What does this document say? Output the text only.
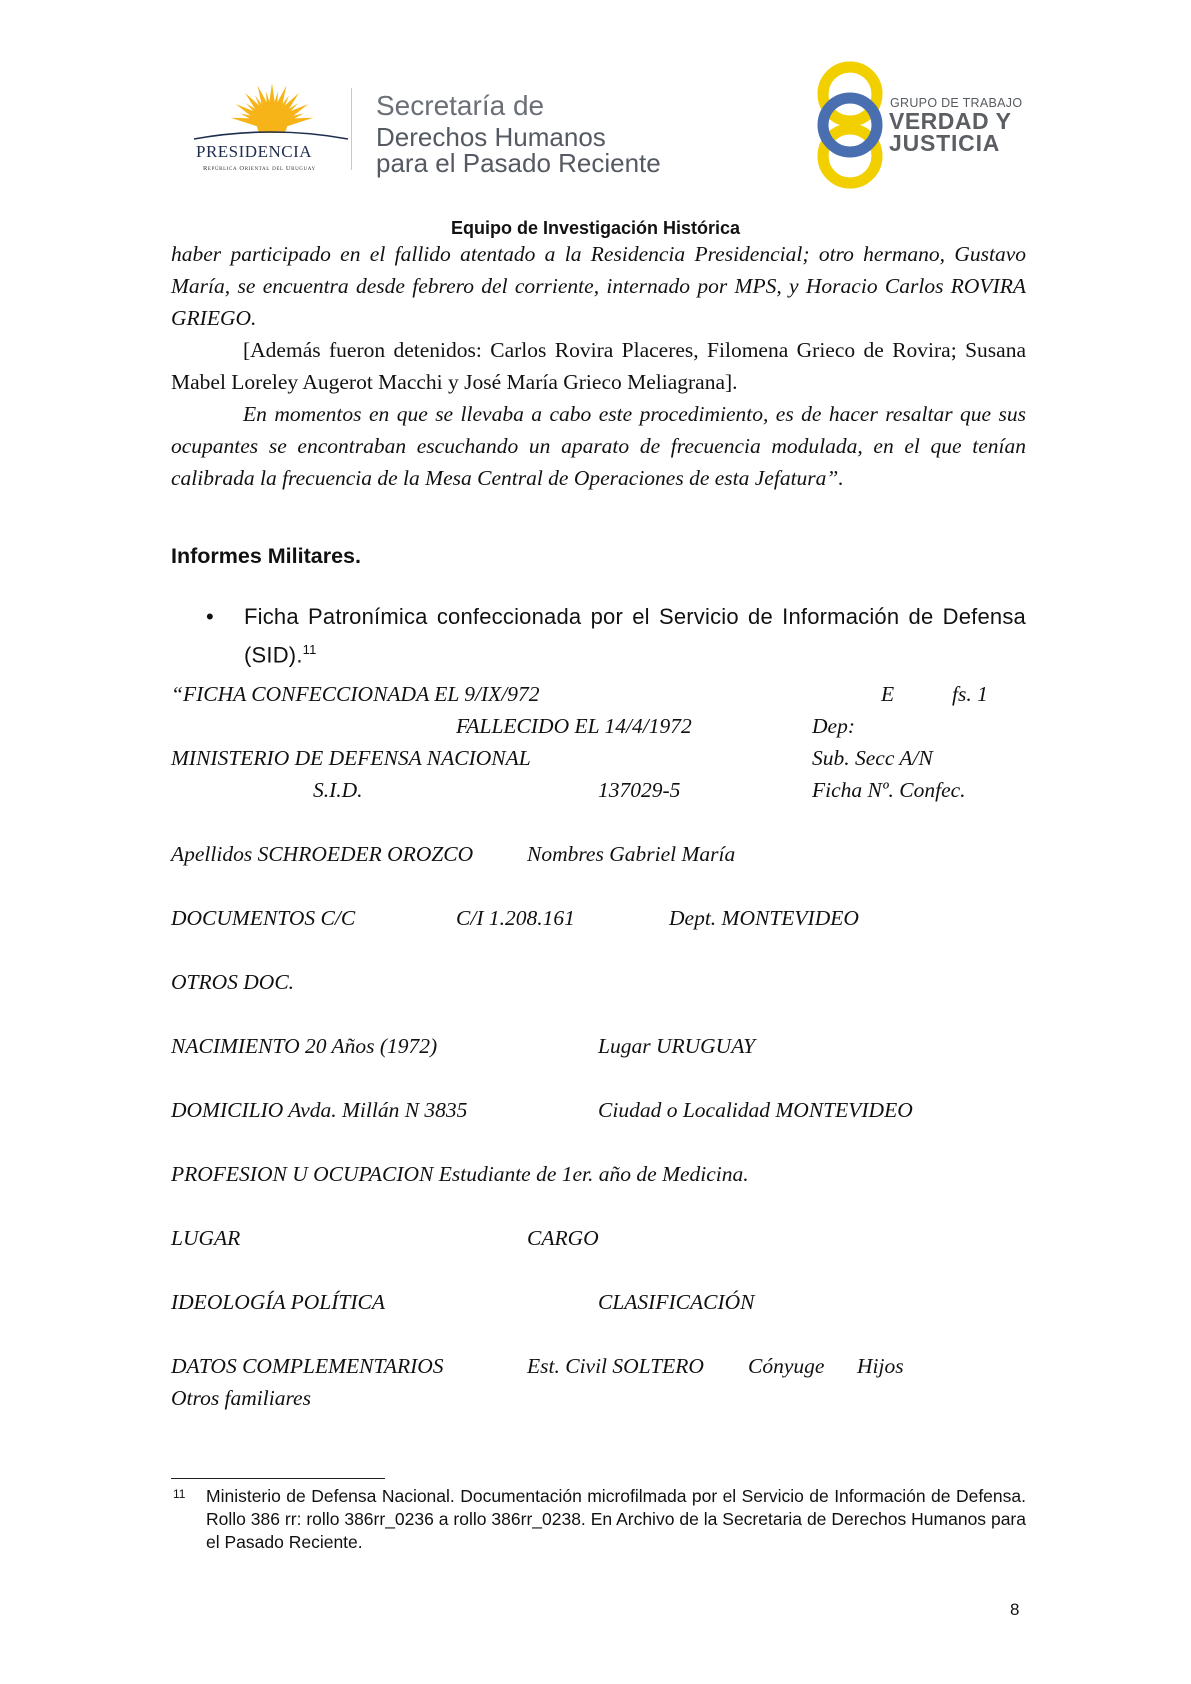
PRESIDENCIA
República Oriental del Uruguay
Secretaría de
Derechos Humanos
para el Pasado Reciente
GRUPO DE TRABAJO
VERDAD Y
JUSTICIA
Equipo de Investigación Histórica
haber participado en el fallido atentado a la Residencia Presidencial; otro hermano, Gustavo María, se encuentra desde febrero del corriente, internado por MPS, y Horacio Carlos ROVIRA GRIEGO.
[Además fueron detenidos: Carlos Rovira Placeres, Filomena Grieco de Rovira; Susana Mabel Loreley Augerot Macchi y José María Grieco Meliagrana].
En momentos en que se llevaba a cabo este procedimiento, es de hacer resaltar que sus ocupantes se encontraban escuchando un aparato de frecuencia modulada, en el que tenían calibrada la frecuencia de la Mesa Central de Operaciones de esta Jefatura”.
Informes Militares.
• Ficha Patronímica confeccionada por el Servicio de Información de Defensa (SID).$^{11}$
“FICHA CONFECCIONADA EL 9/IX/972	E	fs. 1
FALLECIDO EL 14/4/1972	Dep:
MINISTERIO DE DEFENSA NACIONAL	Sub. Secc A/N
S.I.D.	137029-5	Ficha Nº. Confec.
Apellidos SCHROEDER OROZCO	Nombres Gabriel María
DOCUMENTOS C/C	C/I 1.208.161	Dept. MONTEVIDEO
OTROS DOC.
NACIMIENTO 20 Años (1972)	Lugar URUGUAY
DOMICILIO Avda. Millán N 3835	Ciudad o Localidad MONTEVIDEO
PROFESION U OCUPACION Estudiante de 1er. año de Medicina.
LUGAR	CARGO
IDEOLOGÍA POLÍTICA	CLASIFICACIÓN
DATOS COMPLEMENTARIOS	Est. Civil SOLTERO Cónyuge Hijos
Otros familiares
11 Ministerio de Defensa Nacional. Documentación microfilmada por el Servicio de Información de Defensa. Rollo 386 rr: rollo 386rr_0236 a rollo 386rr_0238. En Archivo de la Secretaria de Derechos Humanos para el Pasado Reciente.
8
